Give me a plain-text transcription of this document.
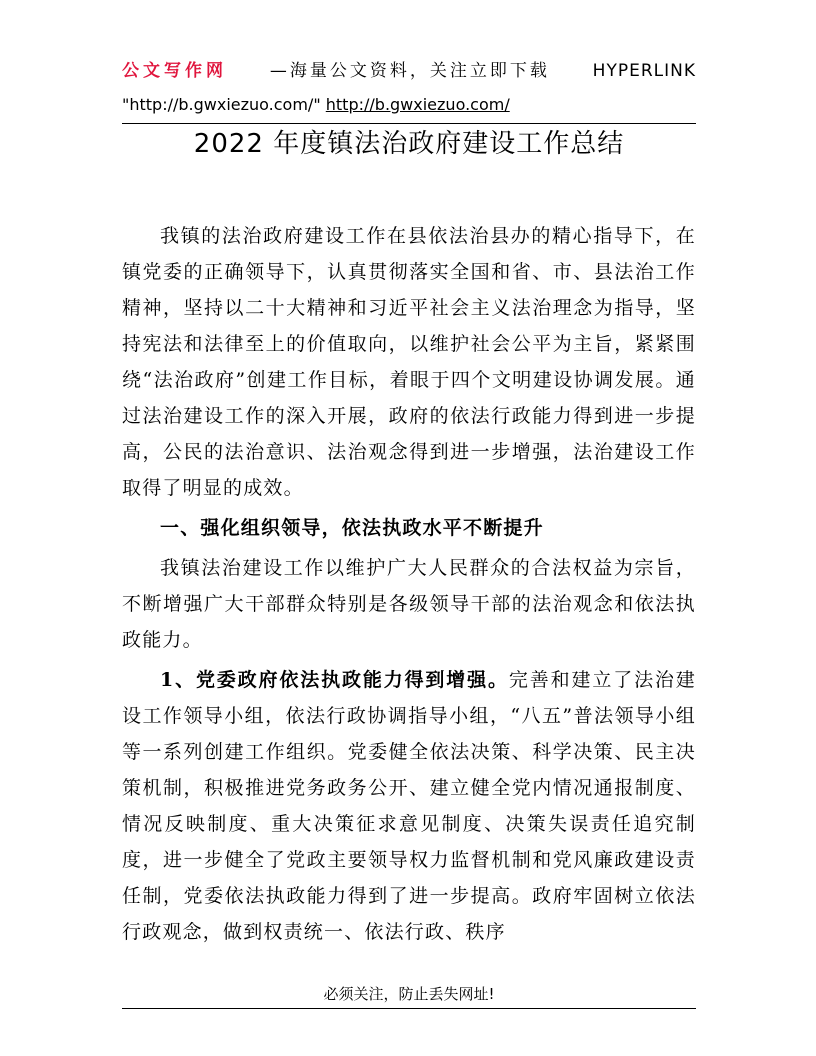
公文写作网	—海量公文资料，关注立即下载	HYPERLINK
"http://b.gwxiezuo.com/" http://b.gwxiezuo.com/
2022 年度镇法治政府建设工作总结

我镇的法治政府建设工作在县依法治县办的精心指导下，在镇党委的正确领导下，认真贯彻落实全国和省、市、县法治工作精神，坚持以二十大精神和习近平社会主义法治理念为指导，坚持宪法和法律至上的价值取向，以维护社会公平为主旨，紧紧围绕“法治政府”创建工作目标，着眼于四个文明建设协调发展。通过法治建设工作的深入开展，政府的依法行政能力得到进一步提高，公民的法治意识、法治观念得到进一步增强，法治建设工作取得了明显的成效。

一、强化组织领导，依法执政水平不断提升

我镇法治建设工作以维护广大人民群众的合法权益为宗旨，不断增强广大干部群众特别是各级领导干部的法治观念和依法执政能力。

1、党委政府依法执政能力得到增强。完善和建立了法治建设工作领导小组，依法行政协调指导小组，“八五”普法领导小组等一系列创建工作组织。党委健全依法决策、科学决策、民主决策机制，积极推进党务政务公开、建立健全党内情况通报制度、情况反映制度、重大决策征求意见制度、决策失误责任追究制度，进一步健全了党政主要领导权力监督机制和党风廉政建设责任制，党委依法执政能力得到了进一步提高。政府牢固树立依法行政观念，做到权责统一、依法行政、秩序

必须关注，防止丢失网址!
